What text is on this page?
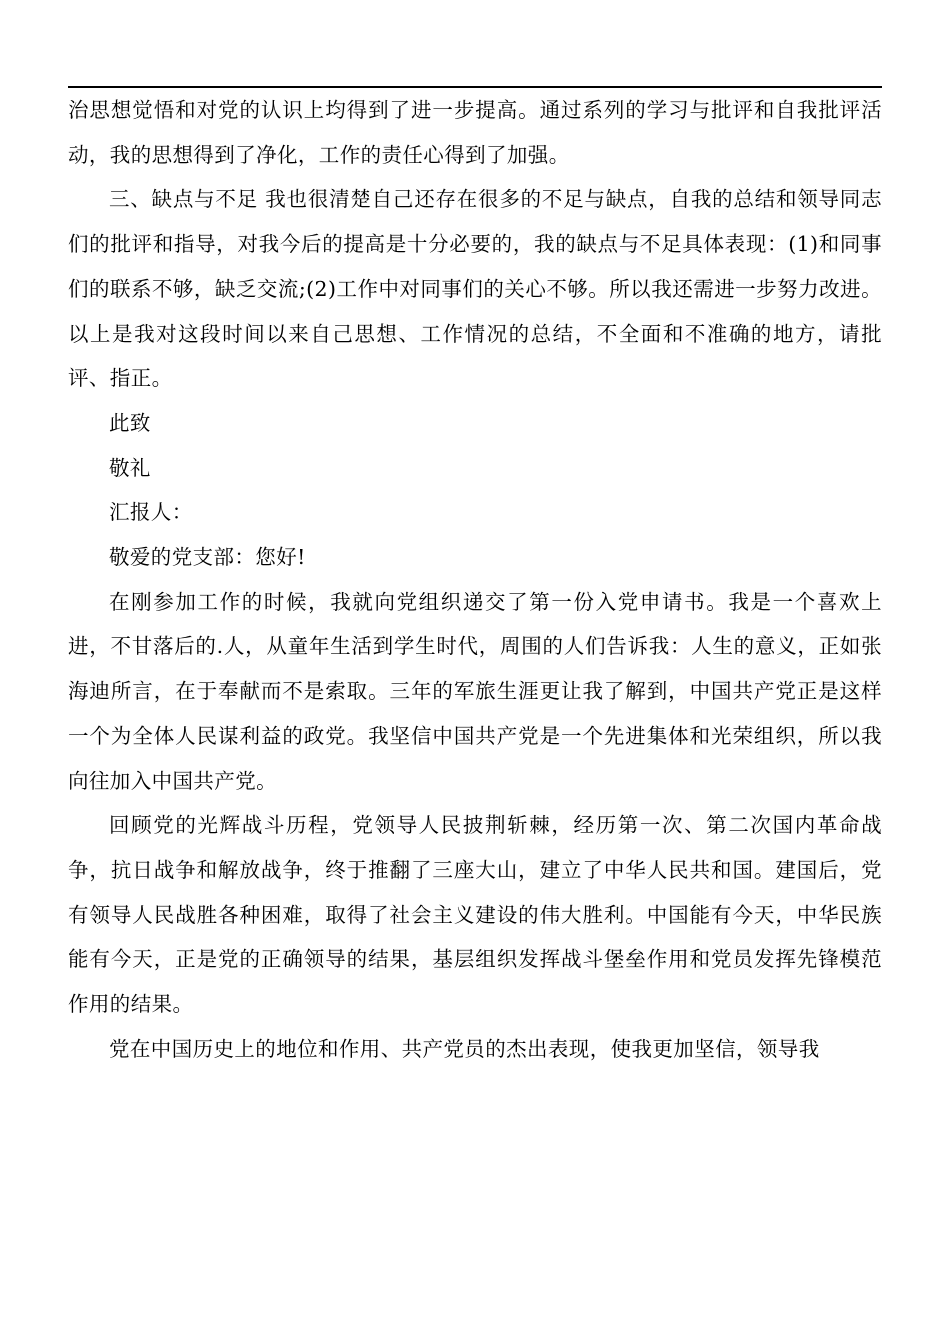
治思想觉悟和对党的认识上均得到了进一步提高。通过系列的学习与批评和自我批评活动，我的思想得到了净化，工作的责任心得到了加强。

三、缺点与不足 我也很清楚自己还存在很多的不足与缺点，自我的总结和领导同志们的批评和指导，对我今后的提高是十分必要的，我的缺点与不足具体表现：(1)和同事们的联系不够，缺乏交流;(2)工作中对同事们的关心不够。所以我还需进一步努力改进。以上是我对这段时间以来自己思想、工作情况的总结，不全面和不准确的地方，请批评、指正。

此致

敬礼

汇报人：

敬爱的党支部：您好!

在刚参加工作的时候，我就向党组织递交了第一份入党申请书。我是一个喜欢上进，不甘落后的.人，从童年生活到学生时代，周围的人们告诉我：人生的意义，正如张海迪所言，在于奉献而不是索取。三年的军旅生涯更让我了解到，中国共产党正是这样一个为全体人民谋利益的政党。我坚信中国共产党是一个先进集体和光荣组织，所以我向往加入中国共产党。

回顾党的光辉战斗历程，党领导人民披荆斩棘，经历第一次、第二次国内革命战争，抗日战争和解放战争，终于推翻了三座大山，建立了中华人民共和国。建国后，党有领导人民战胜各种困难，取得了社会主义建设的伟大胜利。中国能有今天，中华民族能有今天，正是党的正确领导的结果，基层组织发挥战斗堡垒作用和党员发挥先锋模范作用的结果。

党在中国历史上的地位和作用、共产党员的杰出表现，使我更加坚信，领导我
